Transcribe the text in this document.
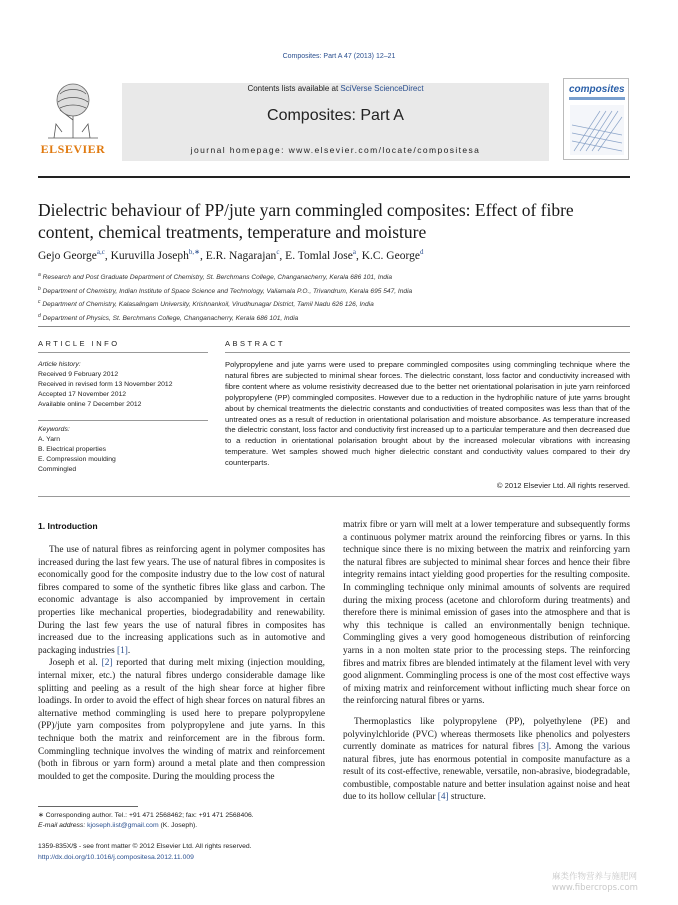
Composites: Part A 47 (2013) 12–21
ELSEVIER
Contents lists available at SciVerse ScienceDirect
Composites: Part A
journal homepage: www.elsevier.com/locate/compositesa
composites
Dielectric behaviour of PP/jute yarn commingled composites: Effect of fibre content, chemical treatments, temperature and moisture
Gejo George$^{a,c}$, Kuruvilla Joseph$^{b,∗}$, E.R. Nagarajan$^c$, E. Tomlal Jose$^a$, K.C. George$^d$
$^a$ Research and Post Graduate Department of Chemistry, St. Berchmans College, Changanacherry, Kerala 686 101, India
$^b$ Department of Chemistry, Indian Institute of Space Science and Technology, Valiamala P.O., Trivandrum, Kerala 695 547, India
$^c$ Department of Chemistry, Kalasalingam University, Krishnankoil, Virudhunagar District, Tamil Nadu 626 126, India
$^d$ Department of Physics, St. Berchmans College, Changanacherry, Kerala 686 101, India
ARTICLE INFO	ABSTRACT
Article history:
Received 9 February 2012
Received in revised form 13 November 2012
Accepted 17 November 2012
Available online 7 December 2012
Keywords:
A. Yarn
B. Electrical properties
E. Compression moulding
Commingled
Polypropylene and jute yarns were used to prepare commingled composites using commingling technique where the natural fibres are subjected to minimal shear forces. The dielectric constant, loss factor and conductivity increased with fibre content where as volume resistivity decreased due to the better net orientational polarisation in jute yarn reinforced polypropylene (PP) commingled composites. However due to a reduction in the hydrophilic nature of jute yarns brought about by chemical treatments the dielectric constants and conductivities of treated composites was less than that of the untreated ones as a result of reduction in orientational polarisation and moisture absorbance. As temperature increased the dielectric constant, loss factor and conductivity first increased up to a particular temperature and then decreased due to a reduction in orientational polarisation brought about by the increased molecular vibrations with increasing temperature. Wet samples showed much higher dielectric constant and conductivity values compared to their dry counterparts.
© 2012 Elsevier Ltd. All rights reserved.
1. Introduction

The use of natural fibres as reinforcing agent in polymer composites has increased during the last few years. The use of natural fibres in composites is economically good for the composite industry due to the low cost of natural fibres compared to some of the synthetic fibres like glass and carbon. The economic advantage is also accompanied by improvement in certain properties like mechanical properties, biodegradability and renewability. During the last few years the use of natural fibres in composites has increased due to the increasing applications such as in automotive and packaging industries [1].

Joseph et al. [2] reported that during melt mixing (injection moulding, internal mixer, etc.) the natural fibres undergo considerable damage like splitting and peeling as a result of the high shear force at higher fibre loadings. In order to avoid the effect of high shear forces on natural fibres an alternative method commingling is used here to prepare polypropylene (PP)/jute yarn composites from polypropylene and jute yarns. In this technique both the matrix and reinforcement are in the fibrous form. Commingling technique involves the winding of matrix and reinforcement (both in fibrous or yarn form) around a metal plate and then compression moulded to get the composite. During the moulding process the

matrix fibre or yarn will melt at a lower temperature and subsequently forms a continuous polymer matrix around the reinforcing fibres or yarns. In this technique since there is no mixing between the matrix and reinforcing yarn the natural fibres are subjected to minimal shear forces and hence their fibre integrity remains intact yielding good properties for the resulting composite. In commingling technique only minimal amounts of solvents are required during the mixing process (acetone and chloroform during treatments) and therefore there is minimal emission of gases into the atmosphere and that is why this technique is called an environmentally benign technique. Commingling gives a very good homogeneous distribution of reinforcing yarns in a non molten state prior to the processing steps. The reinforcing fibres and matrix fibres are blended intimately at the filament level with very good alignment. Commingling process is one of the most cost effective ways of mixing matrix and reinforcement without inflicting much shear force on the reinforcing natural fibres or yarns.

Thermoplastics like polypropylene (PP), polyethylene (PE) and polyvinylchloride (PVC) whereas thermosets like phenolics and polyesters currently dominate as matrices for natural fibres [3]. Among the various natural fibres, jute has enormous potential in composite manufacture as a result of its cost-effective, renewable, versatile, non-abrasive, biodegradable, combustible, compostable nature and better insulation against noise and heat due to its hollow cellular [4] structure.

∗ Corresponding author. Tel.: +91 471 2568462; fax: +91 471 2568406.
E-mail address: kjoseph.iist@gmail.com (K. Joseph).
1359-835X/$ - see front matter © 2012 Elsevier Ltd. All rights reserved.
http://dx.doi.org/10.1016/j.compositesa.2012.11.009
麻类作物营养与施肥网
www.fibercrops.com
